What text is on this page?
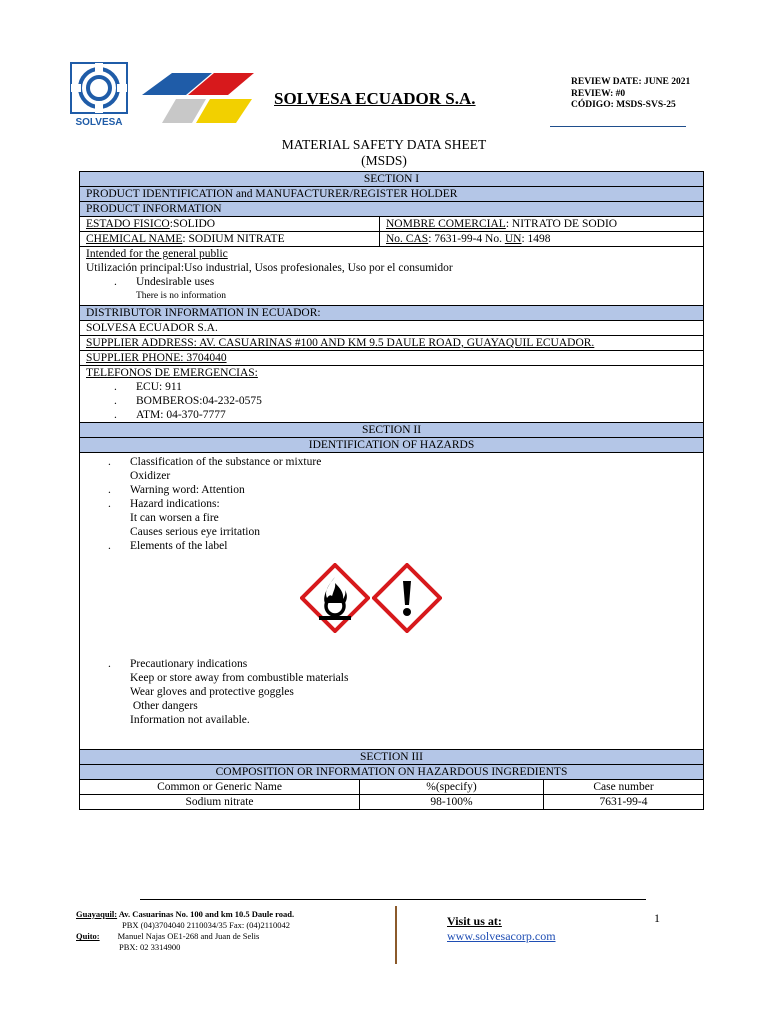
SOLVESA
SOLVESA ECUADOR S.A.
REVIEW DATE: JUNE 2021
REVIEW: #0
CÓDIGO: MSDS-SVS-25
MATERIAL SAFETY DATA SHEET
(MSDS)
SECTION I
PRODUCT IDENTIFICATION and MANUFACTURER/REGISTER HOLDER
PRODUCT INFORMATION
ESTADO FISICO:SOLIDO	NOMBRE COMERCIAL: NITRATO DE SODIO
CHEMICAL NAME: SODIUM NITRATE	No. CAS: 7631-99-4 No. UN: 1498
Intended for the general public
Utilización principal:Uso industrial, Usos profesionales, Uso por el consumidor
. Undesirable uses
There is no information
DISTRIBUTOR INFORMATION IN ECUADOR:
SOLVESA ECUADOR S.A.
SUPPLIER ADDRESS: AV. CASUARINAS #100 AND KM 9.5 DAULE ROAD, GUAYAQUIL ECUADOR.
SUPPLIER PHONE: 3704040
TELEFONOS DE EMERGENCIAS:
. ECU: 911
. BOMBEROS:04-232-0575
. ATM: 04-370-7777
SECTION II
IDENTIFICATION OF HAZARDS
. Classification of the substance or mixture
Oxidizer
. Warning word: Attention
. Hazard indications:
It can worsen a fire
Causes serious eye irritation
. Elements of the label
. Precautionary indications
Keep or store away from combustible materials
Wear gloves and protective goggles
Other dangers
Information not available.
SECTION III
COMPOSITION OR INFORMATION ON HAZARDOUS INGREDIENTS
Common or Generic Name	%(specify)	Case number
Sodium nitrate	98-100%	7631-99-4
Guayaquil: Av. Casuarinas No. 100 and km 10.5 Daule road.
PBX (04)3704040 2110034/35 Fax: (04)2110042
Quito: Manuel Najas OE1-268 and Juan de Selis
PBX: 02 3314900
Visit us at:
www.solvesacorp.com
1
